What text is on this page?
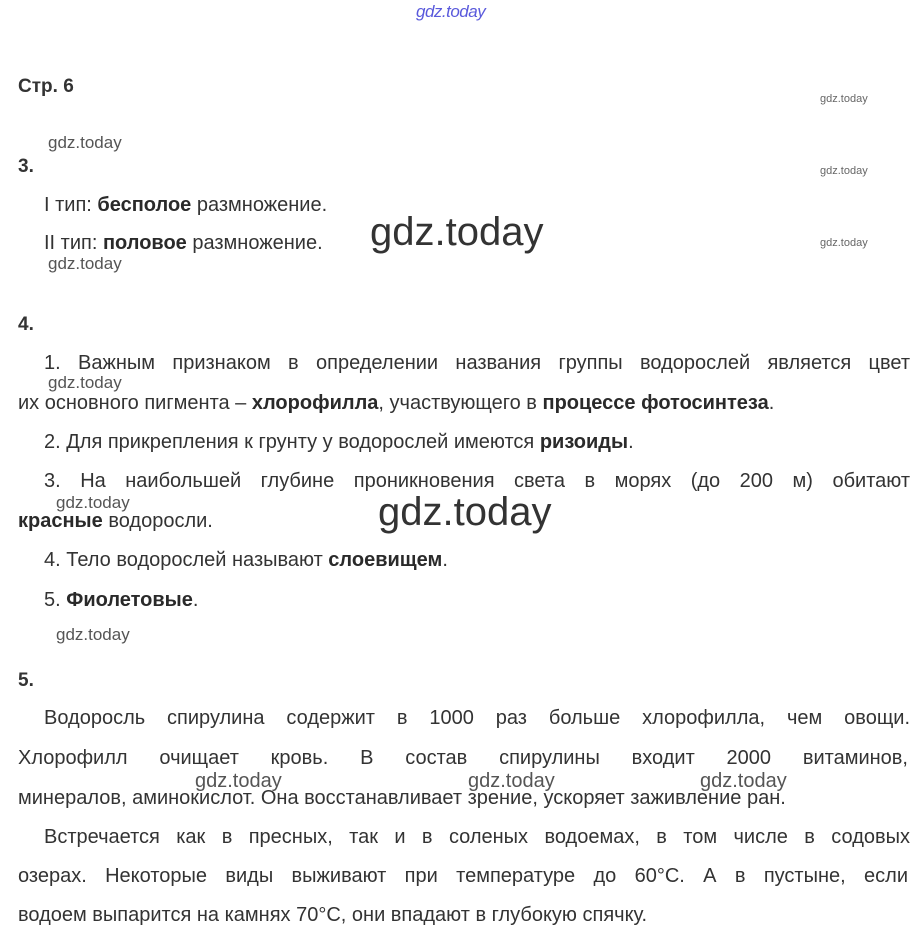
gdz.today
Стр. 6
gdz.today
gdz.today
gdz.today
gdz.today
3.
I тип: бесполое размножение.
II тип: половое размножение. gdz.today
gdz.today
4.
1. Важным признаком в определении названия группы водорослей является цвет
gdz.today
их основного пигмента – хлорофилла, участвующего в процессе фотосинтеза.
2. Для прикрепления к грунту у водорослей имеются ризоиды.
3. На наибольшей глубине проникновения света в морях (до 200 м) обитают
gdz.today	gdz.today
красные водоросли.
4. Тело водорослей называют слоевищем.
5. Фиолетовые.
gdz.today
5.
Водоросль спирулина содержит в 1000 раз больше хлорофилла, чем овощи.
Хлорофилл очищает кровь. В состав спирулины входит 2000 витаминов,
gdz.today	gdz.today	gdz.today
минералов, аминокислот. Она восстанавливает зрение, ускоряет заживление ран.
Встречается как в пресных, так и в соленых водоемах, в том числе в содовых
озерах. Некоторые виды выживают при температуре до 60°С. А в пустыне, если
водоем выпарится на камнях 70°С, они впадают в глубокую спячку.
